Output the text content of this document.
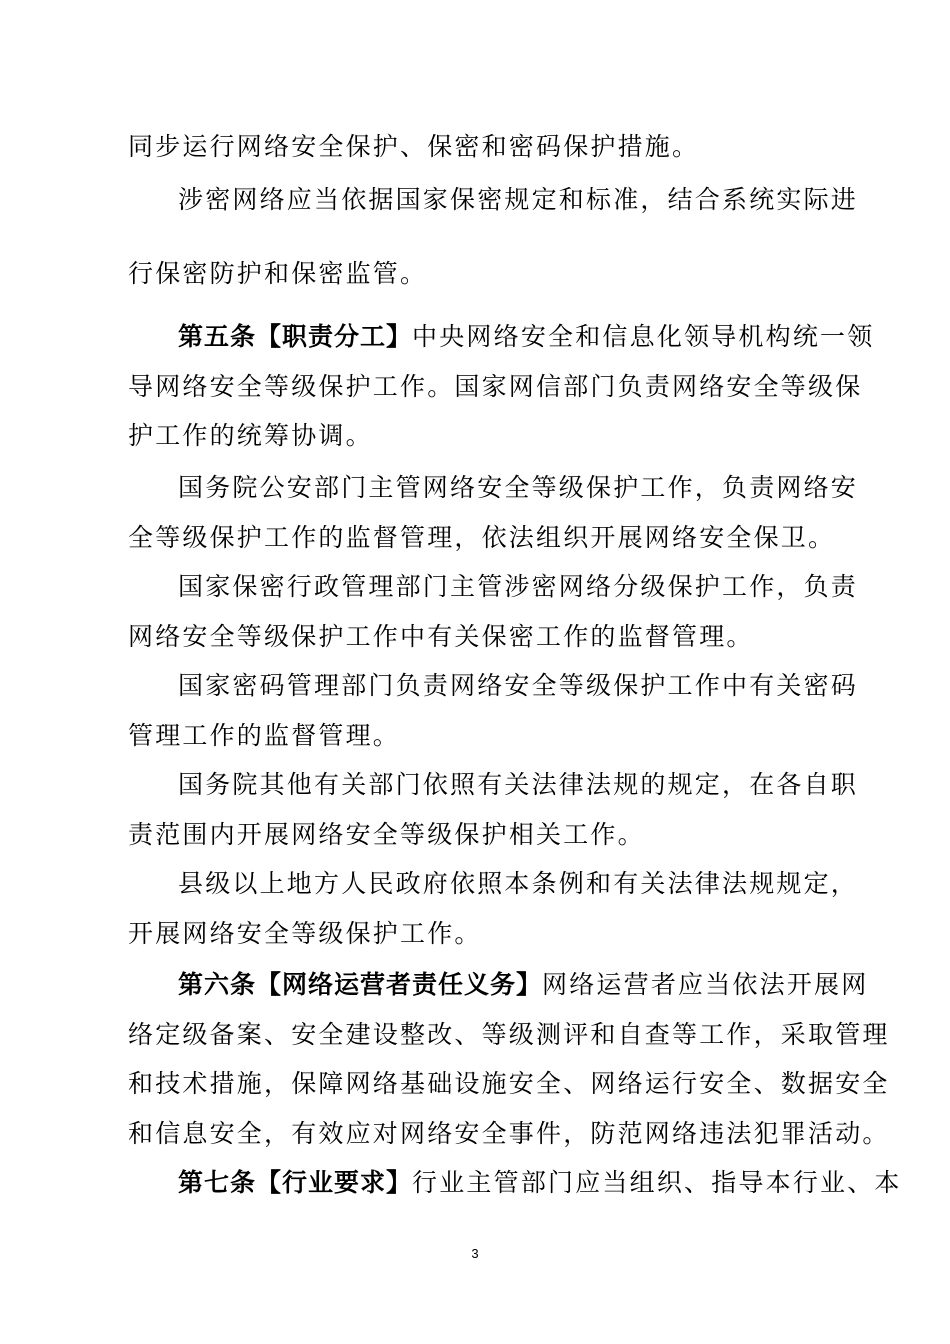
同步运行网络安全保护、保密和密码保护措施。
涉密网络应当依据国家保密规定和标准，结合系统实际进
行保密防护和保密监管。
第五条【职责分工】中央网络安全和信息化领导机构统一领
导网络安全等级保护工作。国家网信部门负责网络安全等级保
护工作的统筹协调。
国务院公安部门主管网络安全等级保护工作，负责网络安
全等级保护工作的监督管理，依法组织开展网络安全保卫。
国家保密行政管理部门主管涉密网络分级保护工作，负责
网络安全等级保护工作中有关保密工作的监督管理。
国家密码管理部门负责网络安全等级保护工作中有关密码
管理工作的监督管理。
国务院其他有关部门依照有关法律法规的规定，在各自职
责范围内开展网络安全等级保护相关工作。
县级以上地方人民政府依照本条例和有关法律法规规定，
开展网络安全等级保护工作。
第六条【网络运营者责任义务】网络运营者应当依法开展网
络定级备案、安全建设整改、等级测评和自查等工作，采取管理
和技术措施，保障网络基础设施安全、网络运行安全、数据安全
和信息安全，有效应对网络安全事件，防范网络违法犯罪活动。
第七条【行业要求】行业主管部门应当组织、指导本行业、本
3
